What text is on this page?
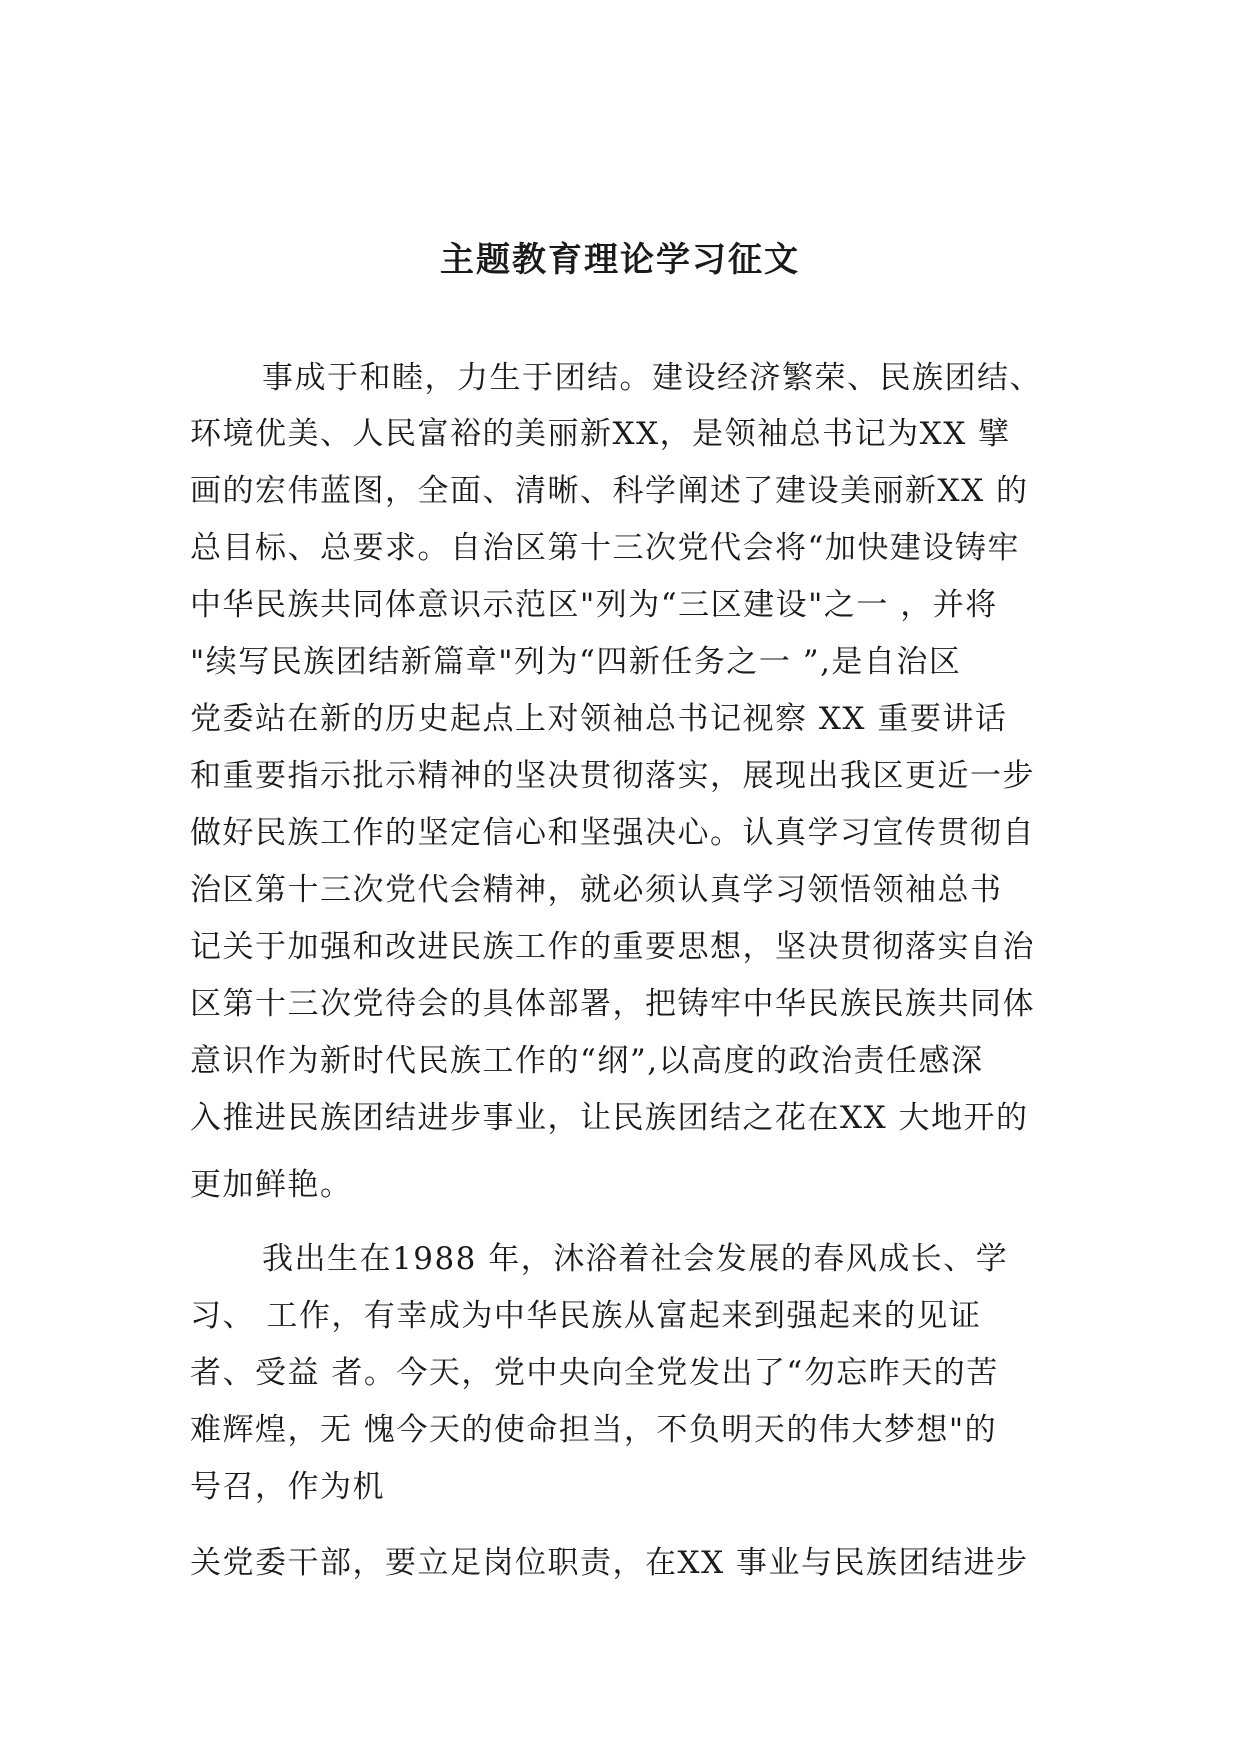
主题教育理论学习征文
事成于和睦，力生于团结。建设经济繁荣、民族团结、
环境优美、人民富裕的美丽新XX，是领袖总书记为XX 擘
画的宏伟蓝图，全面、清晰、科学阐述了建设美丽新XX 的
总目标、总要求。自治区第十三次党代会将“加快建设铸牢
中华民族共同体意识示范区"列为“三区建设"之一 ，并将
"续写民族团结新篇章"列为“四新任务之一 ”,是自治区
党委站在新的历史起点上对领袖总书记视察 XX 重要讲话
和重要指示批示精神的坚决贯彻落实，展现出我区更近一步
做好民族工作的坚定信心和坚强决心。认真学习宣传贯彻自
治区第十三次党代会精神，就必须认真学习领悟领袖总书
记关于加强和改进民族工作的重要思想，坚决贯彻落实自治
区第十三次党待会的具体部署，把铸牢中华民族民族共同体
意识作为新时代民族工作的“纲”,以高度的政治责任感深
入推进民族团结进步事业，让民族团结之花在XX 大地开的
更加鲜艳。
我出生在1988 年，沐浴着社会发展的春风成长、学
习、 工作，有幸成为中华民族从富起来到强起来的见证
者、受益 者。今天，党中央向全党发出了“勿忘昨天的苦
难辉煌，无 愧今天的使命担当，不负明天的伟大梦想"的
号召，作为机
关党委干部，要立足岗位职责，在XX 事业与民族团结进步
